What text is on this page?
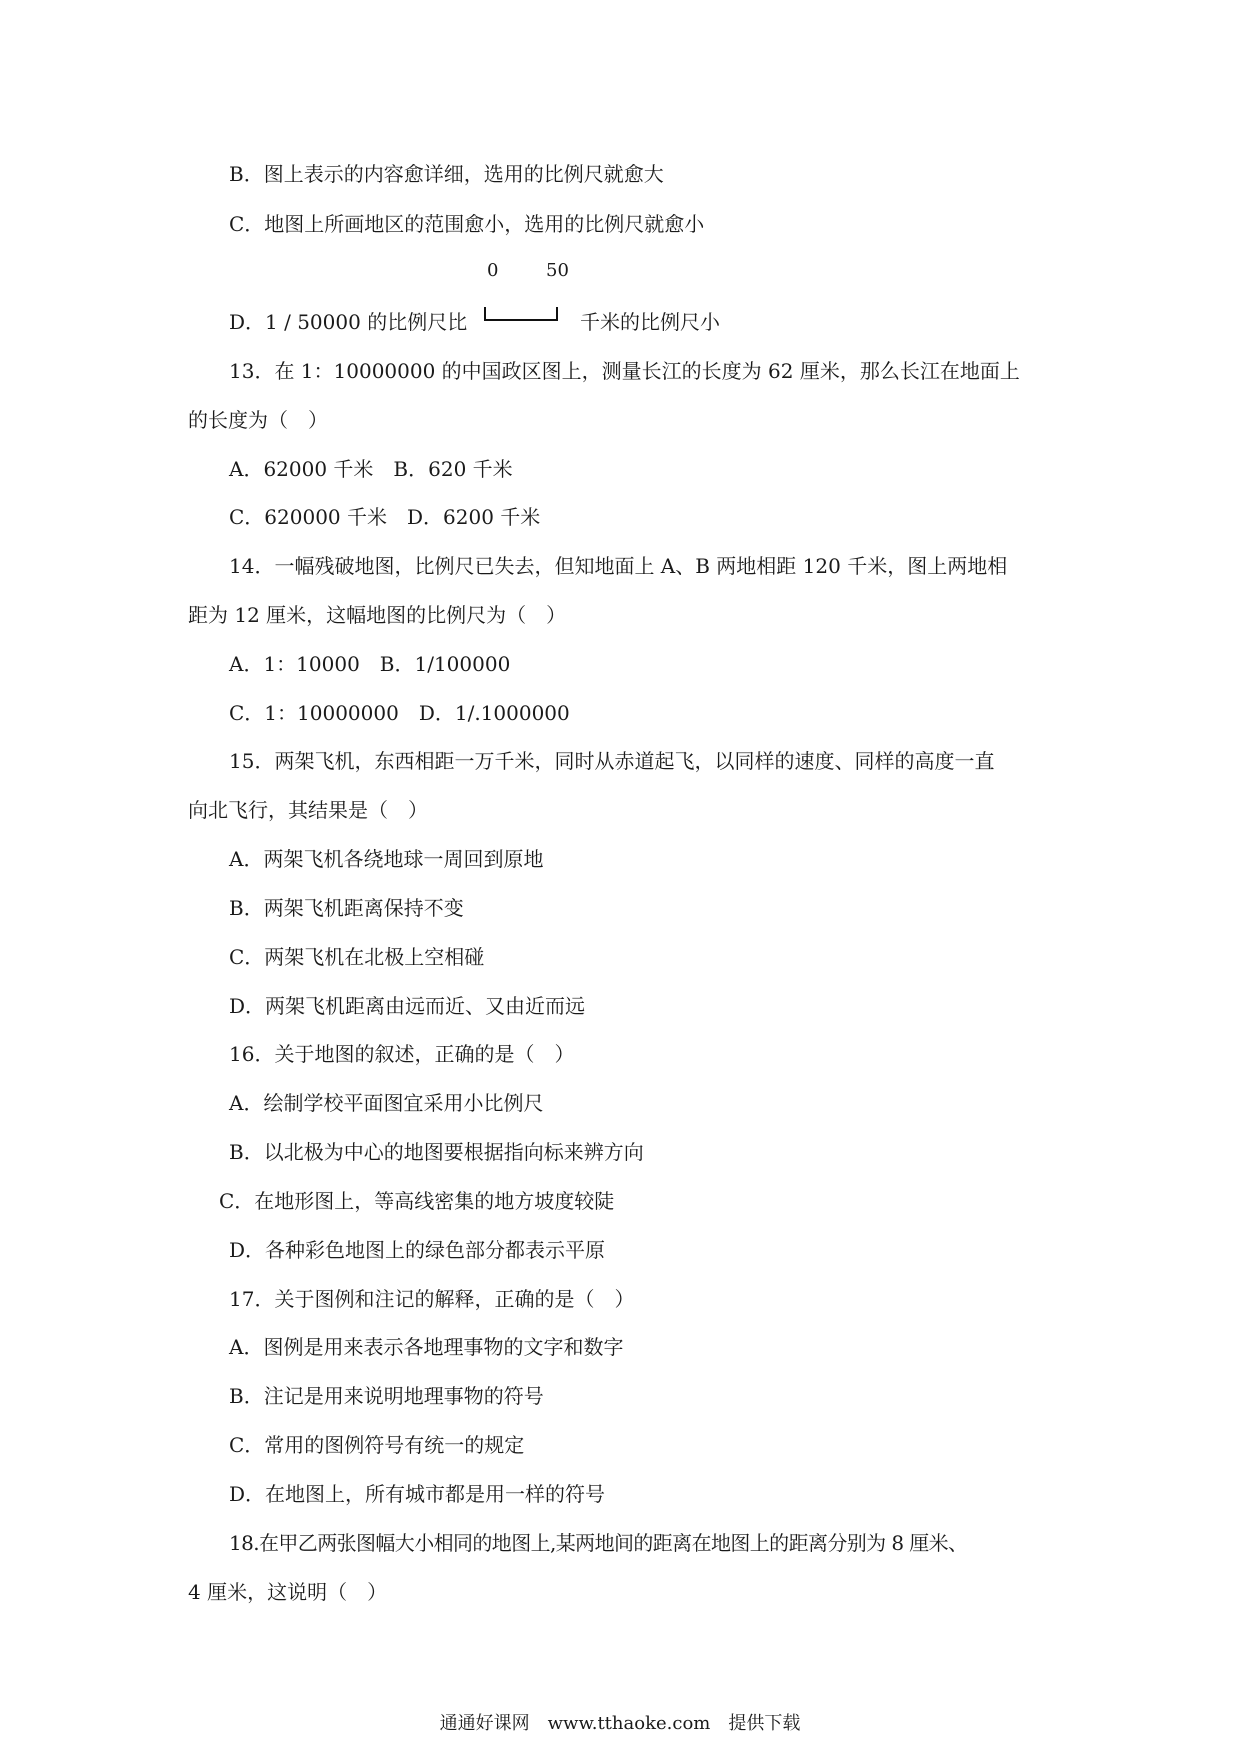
B．图上表示的内容愈详细，选用的比例尺就愈大
C．地图上所画地区的范围愈小，选用的比例尺就愈小
0	50
D．1 / 50000 的比例尺比	千米的比例尺小
13．在 1：10000000 的中国政区图上，测量长江的长度为 62 厘米，那么长江在地面上
的长度为（　）
A．62000 千米　B．620 千米
C．620000 千米　D．6200 千米
14．一幅残破地图，比例尺已失去，但知地面上 A、B 两地相距 120 千米，图上两地相
距为 12 厘米，这幅地图的比例尺为（　）
A．1：10000　B．1/100000
C．1：10000000　D．1/.1000000
15．两架飞机，东西相距一万千米，同时从赤道起飞，以同样的速度、同样的高度一直
向北飞行，其结果是（　）
A．两架飞机各绕地球一周回到原地
B．两架飞机距离保持不变
C．两架飞机在北极上空相碰
D．两架飞机距离由远而近、又由近而远
16．关于地图的叙述，正确的是（　）
A．绘制学校平面图宜采用小比例尺
B．以北极为中心的地图要根据指向标来辨方向
C．在地形图上，等高线密集的地方坡度较陡
D．各种彩色地图上的绿色部分都表示平原
17．关于图例和注记的解释，正确的是（　）
A．图例是用来表示各地理事物的文字和数字
B．注记是用来说明地理事物的符号
C．常用的图例符号有统一的规定
D．在地图上，所有城市都是用一样的符号
18.在甲乙两张图幅大小相同的地图上,某两地间的距离在地图上的距离分别为 8 厘米、
4 厘米，这说明（　）
通通好课网　www.tthaoke.com　提供下载
